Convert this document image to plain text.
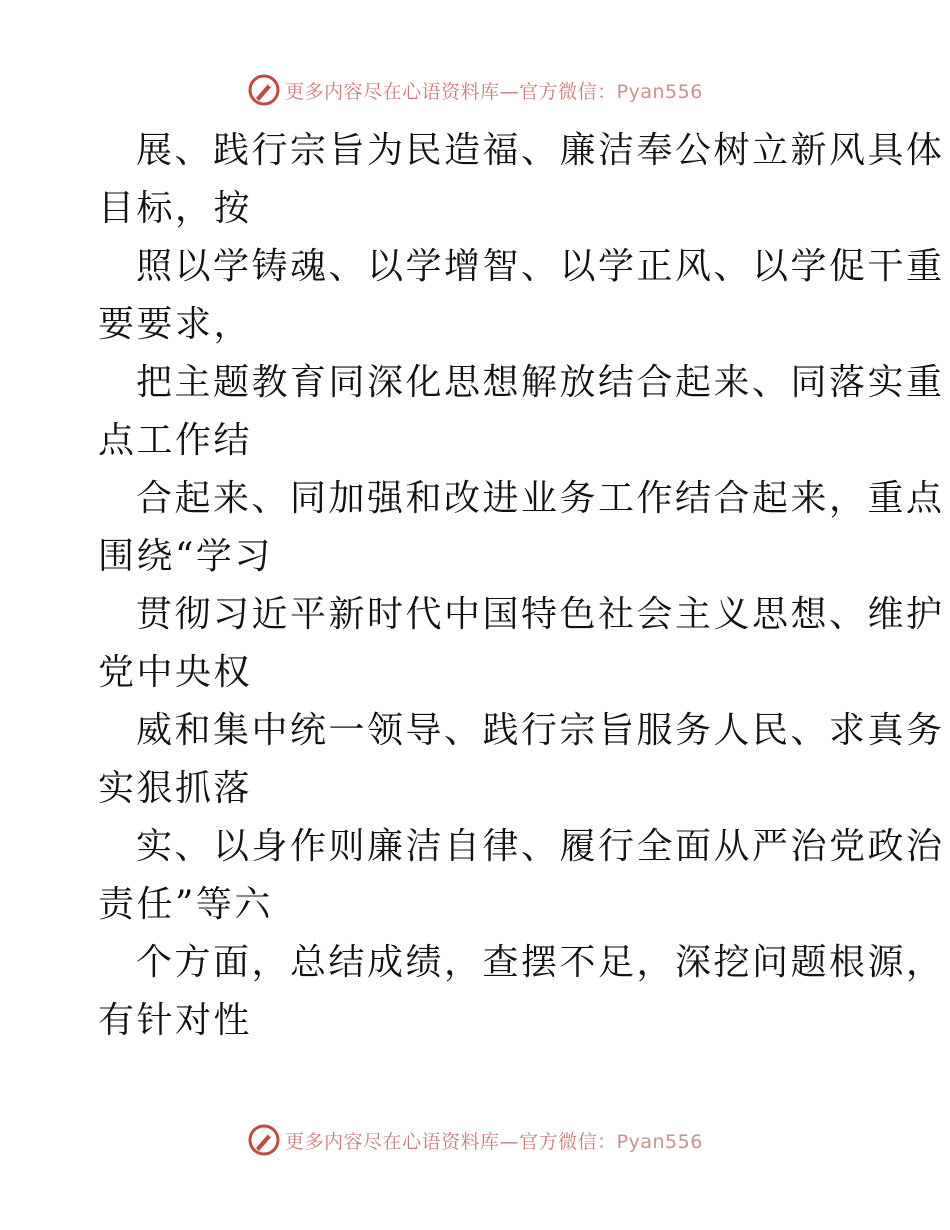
更多内容尽在心语资料库—官方微信：Pyan556
展、践行宗旨为民造福、廉洁奉公树立新风具体
目标，按
照以学铸魂、以学增智、以学正风、以学促干重
要要求，
把主题教育同深化思想解放结合起来、同落实重
点工作结
合起来、同加强和改进业务工作结合起来，重点
围绕“学习
贯彻习近平新时代中国特色社会主义思想、维护
党中央权
威和集中统一领导、践行宗旨服务人民、求真务
实狠抓落
实、以身作则廉洁自律、履行全面从严治党政治
责任”等六
个方面，总结成绩，查摆不足，深挖问题根源，
有针对性
更多内容尽在心语资料库—官方微信：Pyan556
